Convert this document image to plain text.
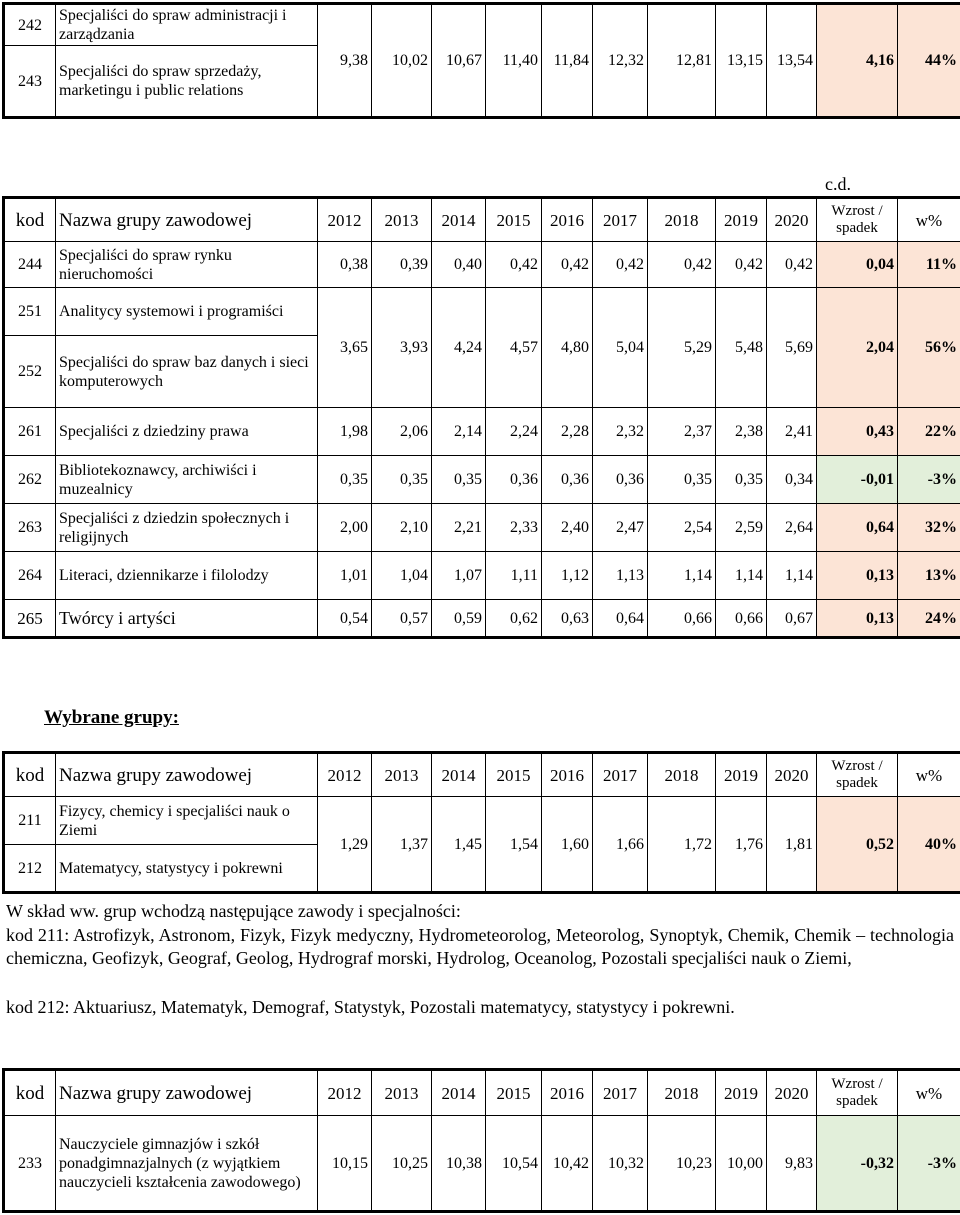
242	Specjaliści do spraw administracji i zarządzania	9,38	10,02	10,67	11,40	11,84	12,32	12,81	13,15	13,54	4,16	44%
243	Specjaliści do spraw sprzedaży, marketingu i public relations											
c.d.
kod	Nazwa grupy zawodowej	2012	2013	2014	2015	2016	2017	2018	2019	2020	Wzrost / spadek	w%
244	Specjaliści do spraw rynku nieruchomości	0,38	0,39	0,40	0,42	0,42	0,42	0,42	0,42	0,42	0,04	11%
251	Analitycy systemowi i programiści	3,65	3,93	4,24	4,57	4,80	5,04	5,29	5,48	5,69	2,04	56%
252	Specjaliści do spraw baz danych i sieci komputerowych											
261	Specjaliści z dziedziny prawa	1,98	2,06	2,14	2,24	2,28	2,32	2,37	2,38	2,41	0,43	22%
262	Bibliotekoznawcy, archiwiści i muzealnicy	0,35	0,35	0,35	0,36	0,36	0,36	0,35	0,35	0,34	-0,01	-3%
263	Specjaliści z dziedzin społecznych i religijnych	2,00	2,10	2,21	2,33	2,40	2,47	2,54	2,59	2,64	0,64	32%
264	Literaci, dziennikarze i filolodzy	1,01	1,04	1,07	1,11	1,12	1,13	1,14	1,14	1,14	0,13	13%
265	Twórcy i artyści	0,54	0,57	0,59	0,62	0,63	0,64	0,66	0,66	0,67	0,13	24%
Wybrane grupy:
kod	Nazwa grupy zawodowej	2012	2013	2014	2015	2016	2017	2018	2019	2020	Wzrost / spadek	w%
211	Fizycy, chemicy i specjaliści nauk o Ziemi	1,29	1,37	1,45	1,54	1,60	1,66	1,72	1,76	1,81	0,52	40%
212	Matematycy, statystycy i pokrewni											
W skład ww. grup wchodzą następujące zawody i specjalności:
kod 211: Astrofizyk, Astronom, Fizyk, Fizyk medyczny, Hydrometeorolog, Meteorolog, Synoptyk, Chemik, Chemik – technologia chemiczna, Geofizyk, Geograf, Geolog, Hydrograf morski, Hydrolog, Oceanolog, Pozostali specjaliści nauk o Ziemi,
kod 212: Aktuariusz, Matematyk, Demograf, Statystyk, Pozostali matematycy, statystycy i pokrewni.
kod	Nazwa grupy zawodowej	2012	2013	2014	2015	2016	2017	2018	2019	2020	Wzrost / spadek	w%
233	Nauczyciele gimnazjów i szkół ponadgimnazjalnych (z wyjątkiem nauczycieli kształcenia zawodowego)	10,15	10,25	10,38	10,54	10,42	10,32	10,23	10,00	9,83	-0,32	-3%
